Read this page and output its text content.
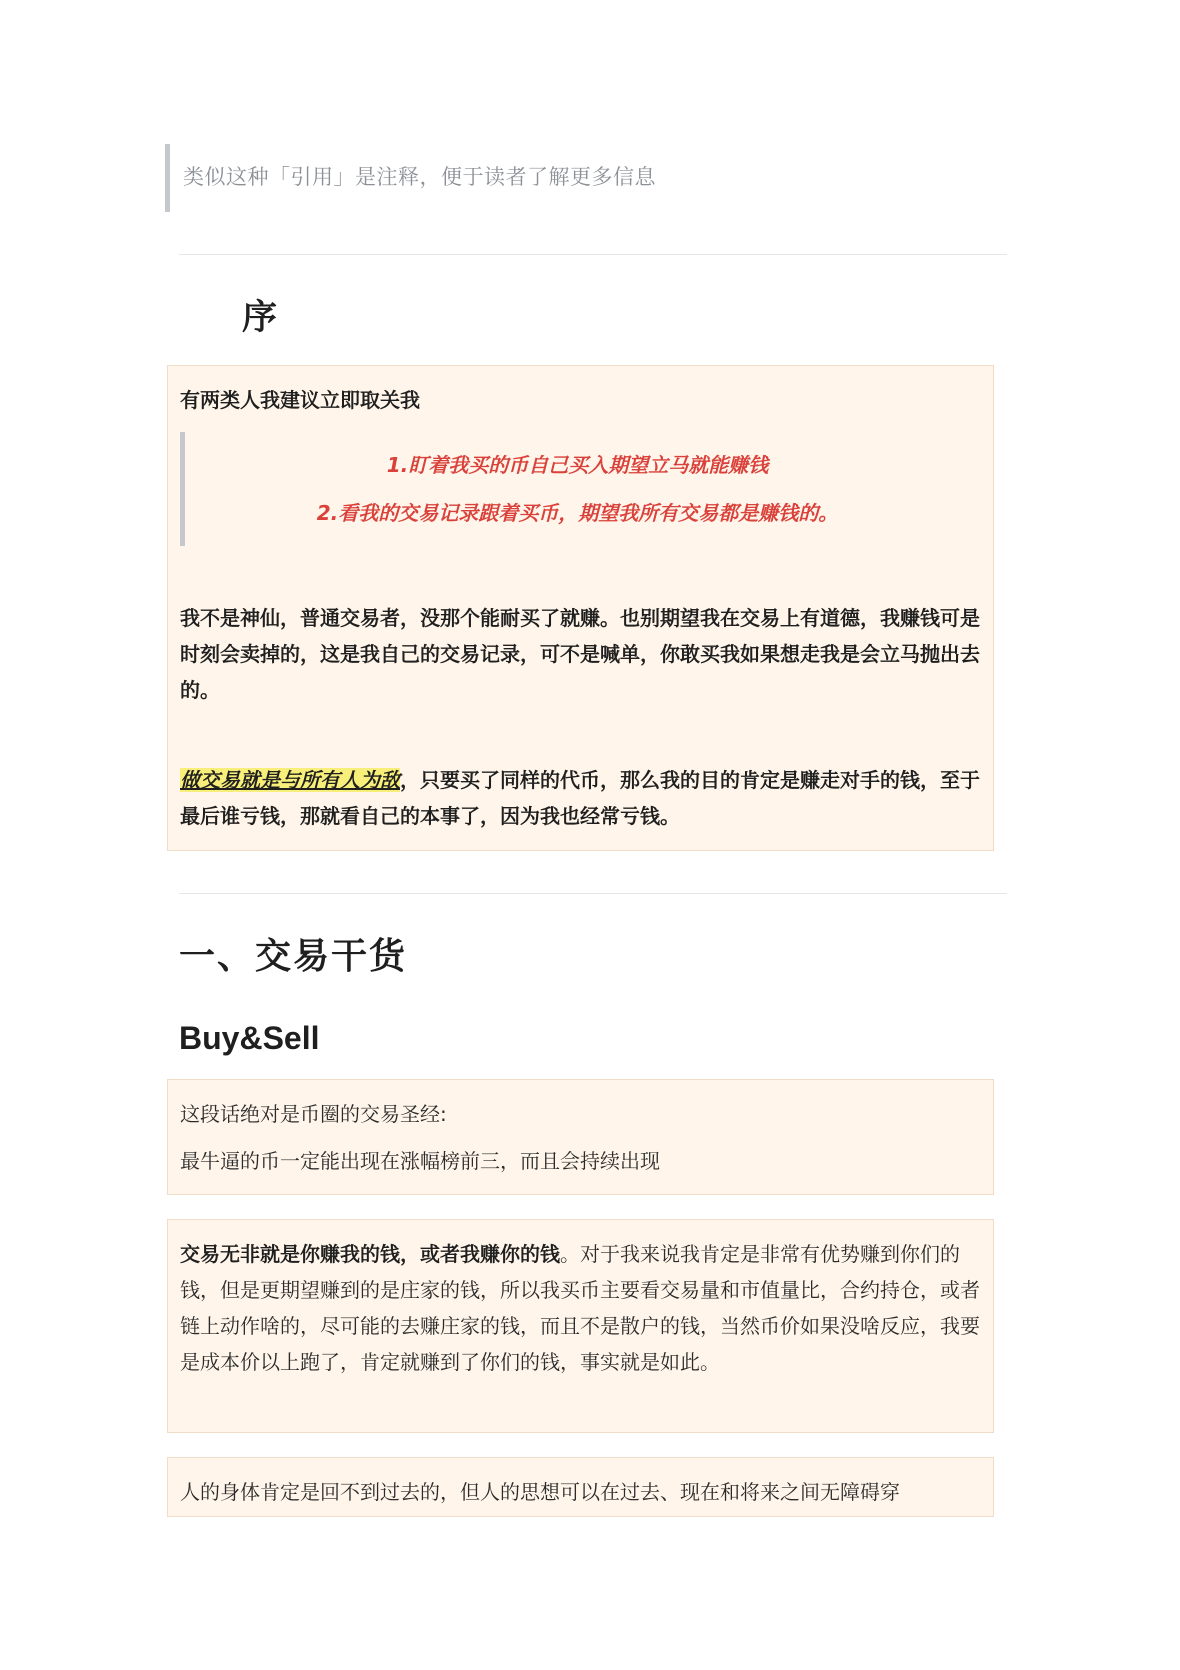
类似这种「引用」是注释，便于读者了解更多信息

序

有两类人我建议立即取关我

1.盯着我买的币自己买入期望立马就能赚钱

2.看我的交易记录跟着买币，期望我所有交易都是赚钱的。

我不是神仙，普通交易者，没那个能耐买了就赚。也别期望我在交易上有道德，我赚钱可是时刻会卖掉的，这是我自己的交易记录，可不是喊单，你敢买我如果想走我是会立马抛出去的。

做交易就是与所有人为敌，只要买了同样的代币，那么我的目的肯定是赚走对手的钱，至于最后谁亏钱，那就看自己的本事了，因为我也经常亏钱。

一、交易干货
Buy&Sell

这段话绝对是币圈的交易圣经:

最牛逼的币一定能出现在涨幅榜前三，而且会持续出现

交易无非就是你赚我的钱，或者我赚你的钱。对于我来说我肯定是非常有优势赚到你们的钱，但是更期望赚到的是庄家的钱，所以我买币主要看交易量和市值量比，合约持仓，或者链上动作啥的，尽可能的去赚庄家的钱，而且不是散户的钱，当然币价如果没啥反应，我要是成本价以上跑了，肯定就赚到了你们的钱，事实就是如此。

人的身体肯定是回不到过去的，但人的思想可以在过去、现在和将来之间无障碍穿
